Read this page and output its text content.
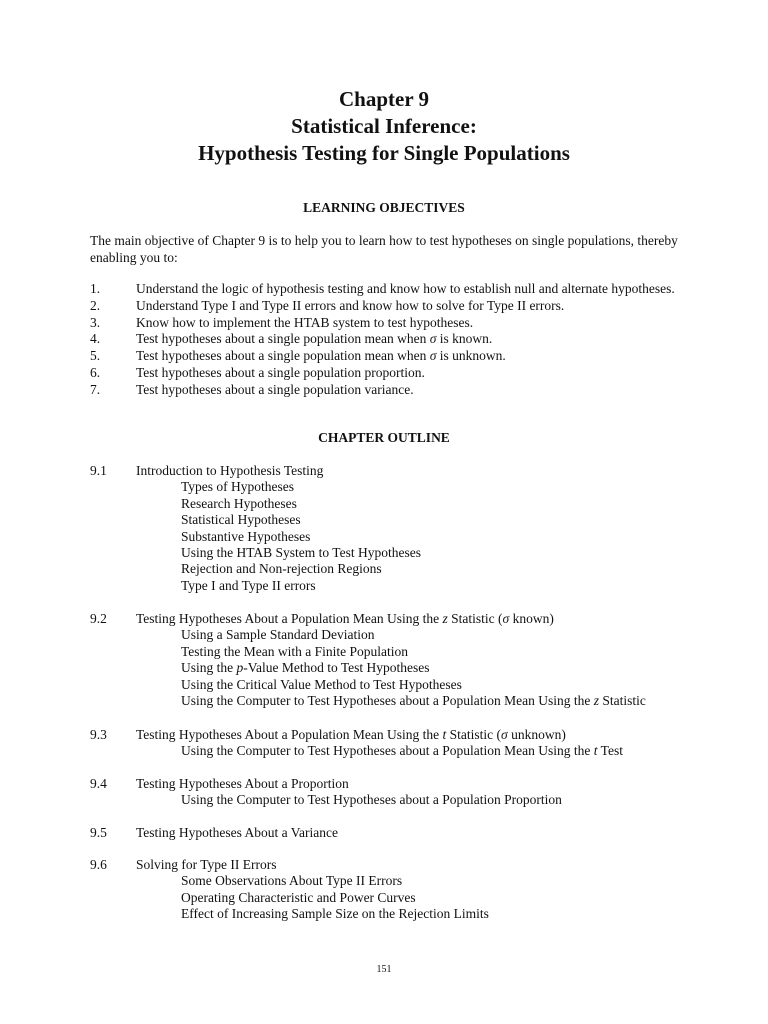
Chapter 9
Statistical Inference:
Hypothesis Testing for Single Populations
LEARNING OBJECTIVES
The main objective of Chapter 9 is to help you to learn how to test hypotheses on single populations, thereby enabling you to:
1.	Understand the logic of hypothesis testing and know how to establish null and alternate hypotheses.
2.	Understand Type I and Type II errors and know how to solve for Type II errors.
3.	Know how to implement the HTAB system to test hypotheses.
4.	Test hypotheses about a single population mean when σ is known.
5.	Test hypotheses about a single population mean when σ is unknown.
6.	Test hypotheses about a single population proportion.
7.	Test hypotheses about a single population variance.
CHAPTER OUTLINE
9.1	Introduction to Hypothesis Testing
Types of Hypotheses
Research Hypotheses
Statistical Hypotheses
Substantive Hypotheses
Using the HTAB System to Test Hypotheses
Rejection and Non-rejection Regions
Type I and Type II errors
9.2	Testing Hypotheses About a Population Mean Using the z Statistic (σ known)
Using a Sample Standard Deviation
Testing the Mean with a Finite Population
Using the p-Value Method to Test Hypotheses
Using the Critical Value Method to Test Hypotheses
Using the Computer to Test Hypotheses about a Population Mean Using the z Statistic
9.3	Testing Hypotheses About a Population Mean Using the t Statistic (σ unknown)
Using the Computer to Test Hypotheses about a Population Mean Using the t Test
9.4	Testing Hypotheses About a Proportion
Using the Computer to Test Hypotheses about a Population Proportion
9.5	Testing Hypotheses About a Variance
9.6	Solving for Type II Errors
Some Observations About Type II Errors
Operating Characteristic and Power Curves
Effect of Increasing Sample Size on the Rejection Limits
151
